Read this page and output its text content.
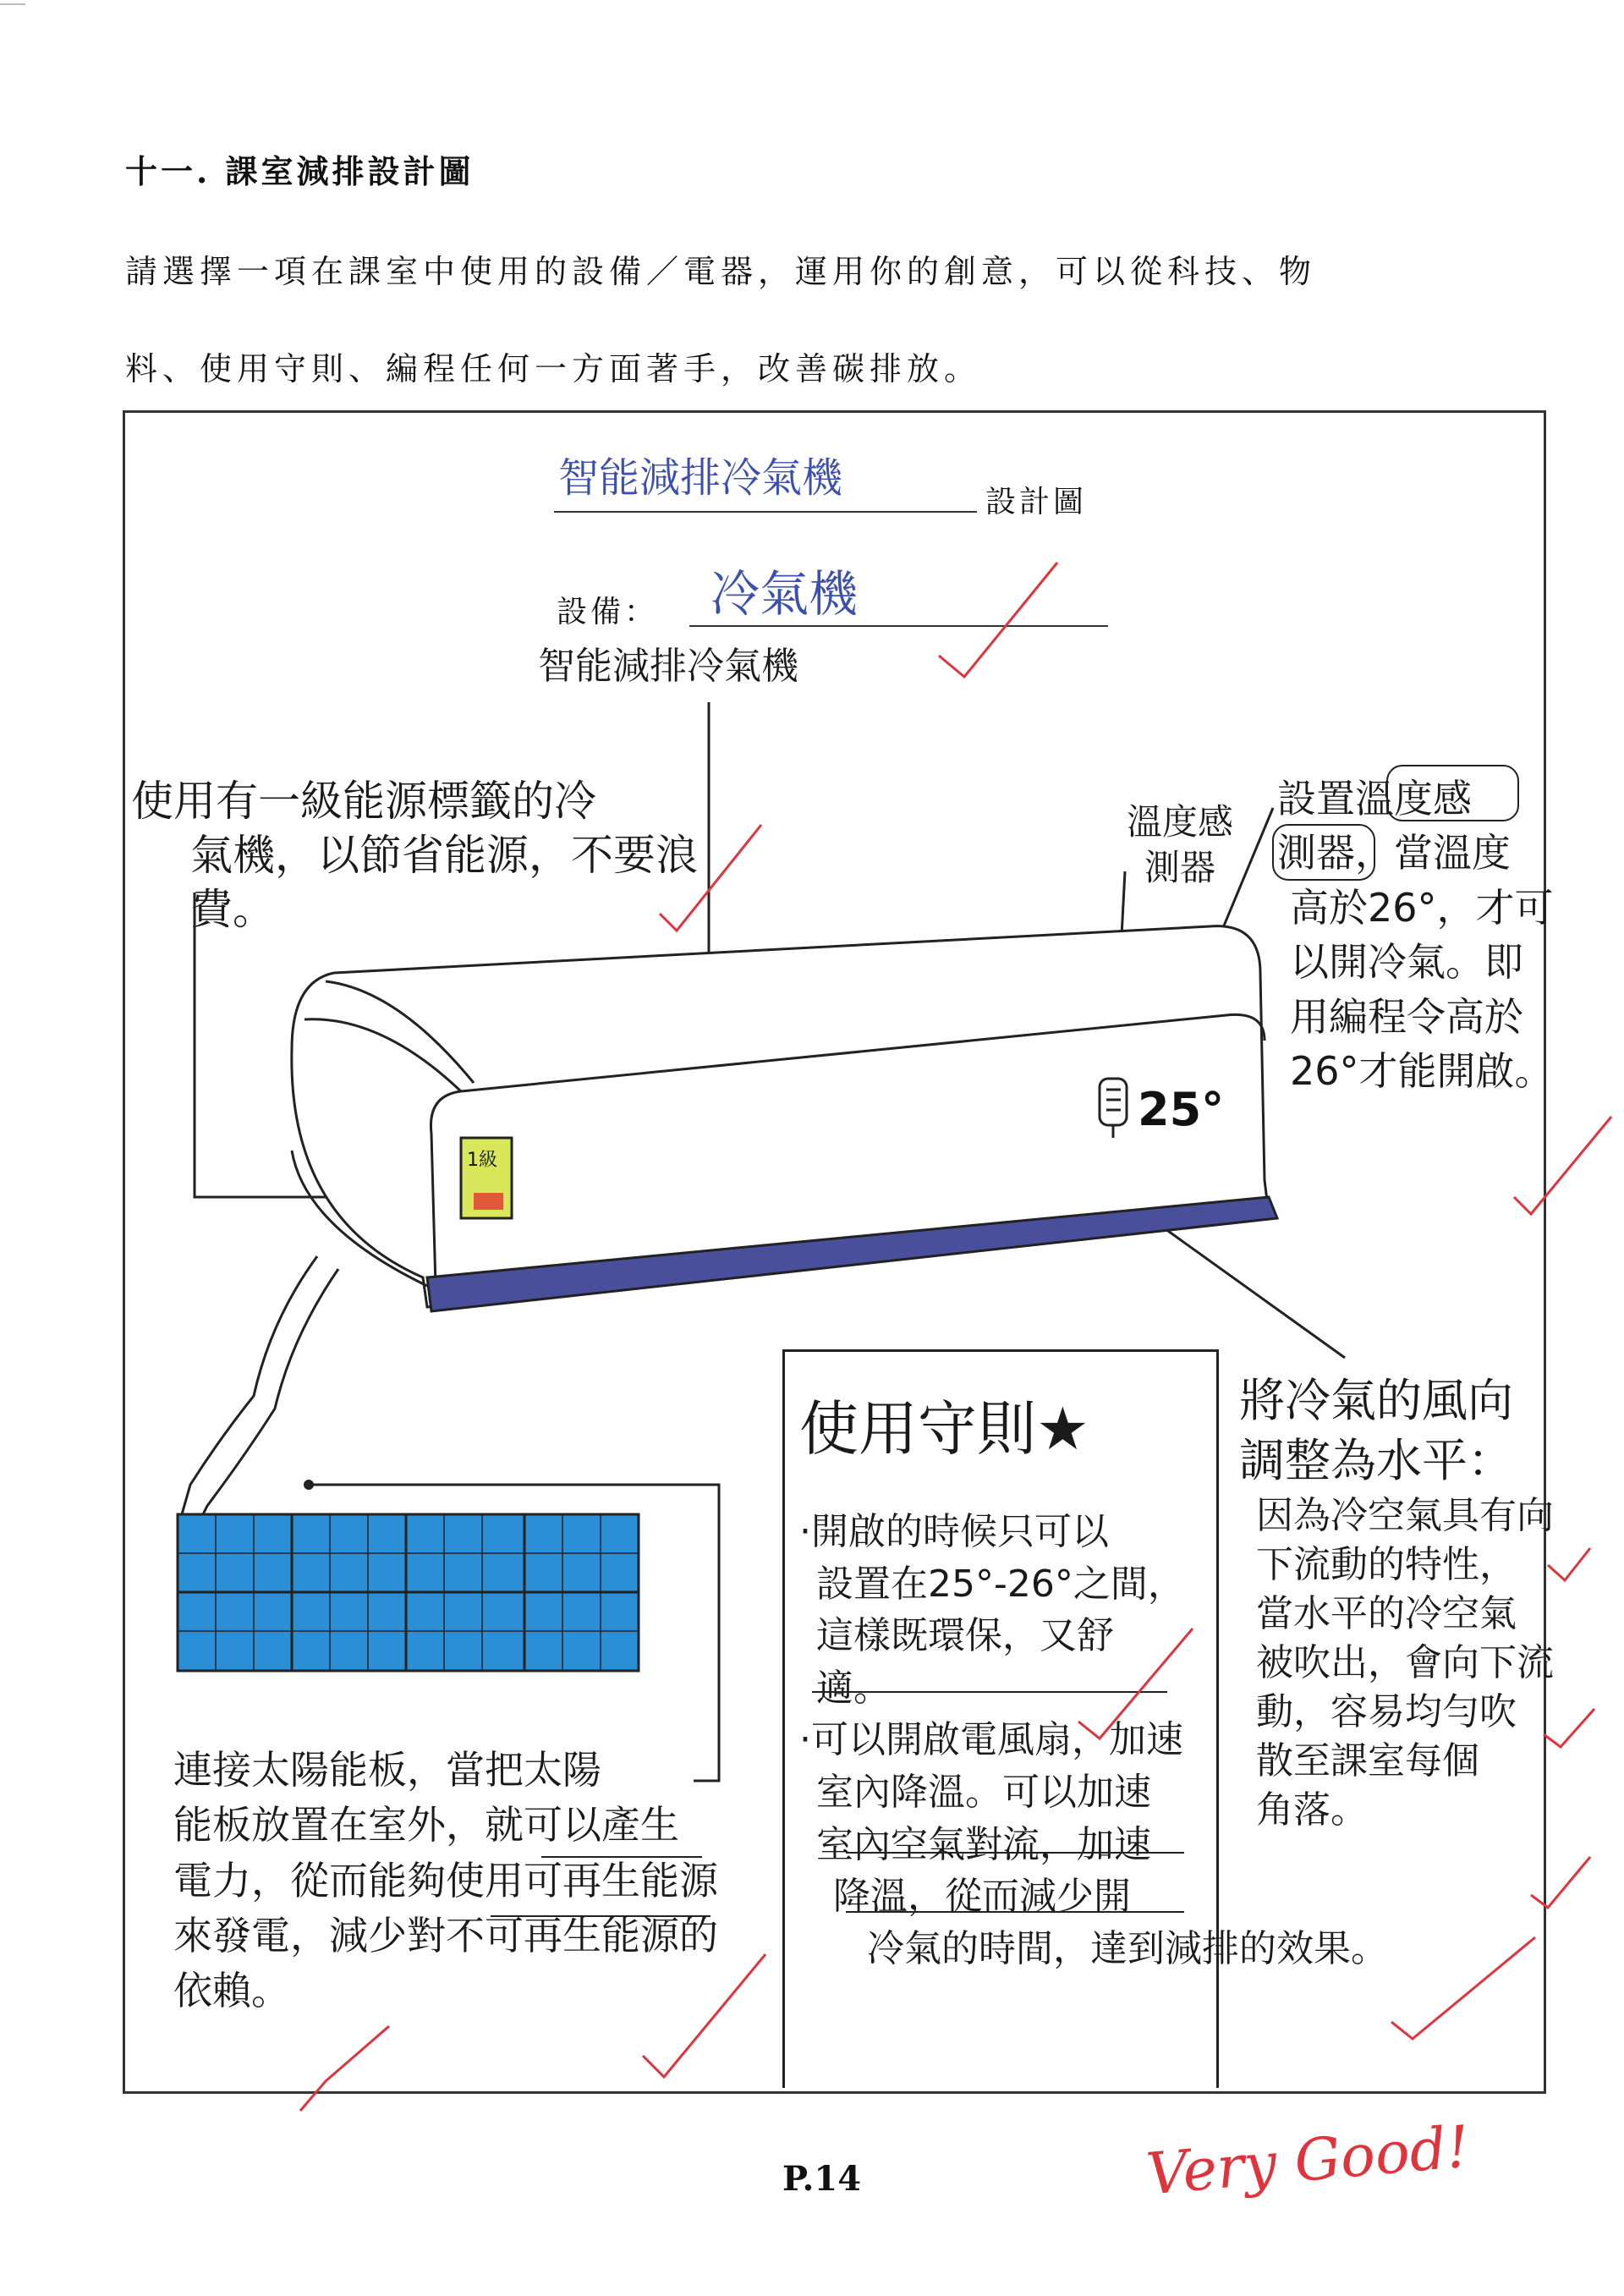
十一. 課室減排設計圖
請選擇一項在課室中使用的設備／電器，運用你的創意，可以從科技、物
料、使用守則、編程任何一方面著手，改善碳排放。
智能減排冷氣機
設計圖
設備： 冷氣機
智能減排冷氣機
使用有一級能源標籤的冷
氣機，以節省能源，不要浪
費。
溫度感
測器
設置溫度感
測器，當溫度
高於26°，才可
以開冷氣。即
用編程令高於
26°才能開啟。
將冷氣的風向
調整為水平：
因為冷空氣具有向
下流動的特性，
當水平的冷空氣
被吹出，會向下流
動，容易均勻吹
散至課室每個
角落。
使用守則★
·開啟的時候只可以
設置在25°-26°之間，
這樣既環保，又舒
適。
·可以開啟電風扇，加速
室內降溫。可以加速
室內空氣對流，加速
降溫，從而減少開
冷氣的時間，達到減排的效果。
連接太陽能板，當把太陽
能板放置在室外，就可以產生
電力，從而能夠使用可再生能源
來發電，減少對不可再生能源的
依賴。
P.14	Very Good!
1級
25°
